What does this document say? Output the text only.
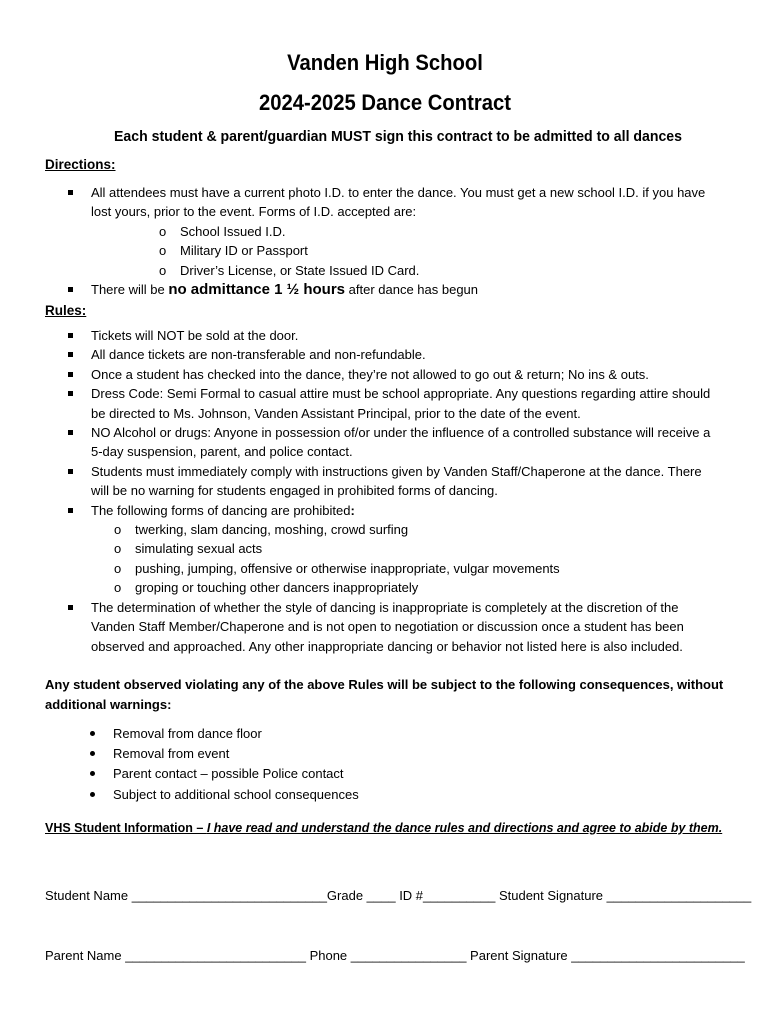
Vanden High School
2024-2025 Dance Contract
Each student & parent/guardian MUST sign this contract to be admitted to all dances
Directions:
All attendees must have a current photo I.D. to enter the dance. You must get a new school I.D. if you have lost yours, prior to the event. Forms of I.D. accepted are:
o School Issued I.D.
o Military ID or Passport
o Driver’s License, or State Issued ID Card.
There will be no admittance 1 ½ hours after dance has begun
Rules:
Tickets will NOT be sold at the door.
All dance tickets are non-transferable and non-refundable.
Once a student has checked into the dance, they’re not allowed to go out & return; No ins & outs.
Dress Code: Semi Formal to casual attire must be school appropriate. Any questions regarding attire should be directed to Ms. Johnson, Vanden Assistant Principal, prior to the date of the event.
NO Alcohol or drugs: Anyone in possession of/or under the influence of a controlled substance will receive a 5-day suspension, parent, and police contact.
Students must immediately comply with instructions given by Vanden Staff/Chaperone at the dance. There will be no warning for students engaged in prohibited forms of dancing.
The following forms of dancing are prohibited:
o twerking, slam dancing, moshing, crowd surfing
o simulating sexual acts
o pushing, jumping, offensive or otherwise inappropriate, vulgar movements
o groping or touching other dancers inappropriately
The determination of whether the style of dancing is inappropriate is completely at the discretion of the Vanden Staff Member/Chaperone and is not open to negotiation or discussion once a student has been observed and approached. Any other inappropriate dancing or behavior not listed here is also included.
Any student observed violating any of the above Rules will be subject to the following consequences, without additional warnings:
Removal from dance floor
Removal from event
Parent contact – possible Police contact
Subject to additional school consequences
VHS Student Information – I have read and understand the dance rules and directions and agree to abide by them.
Student Name ___________________________Grade ____ ID #__________ Student Signature ____________________
Parent Name _________________________ Phone ________________ Parent Signature ________________________
